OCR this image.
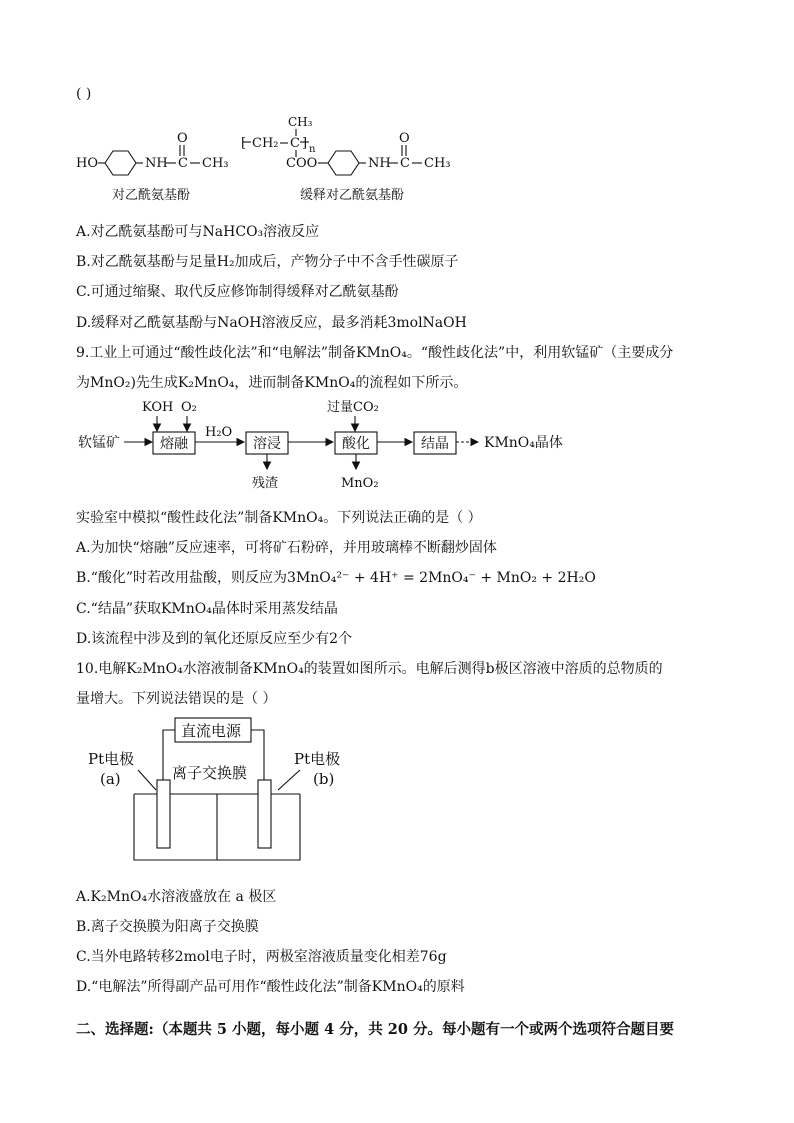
( )
HO	NH C
O
CH₃
对乙酰氨基酚
CH₃
[ CH₂ C ] n
COO	NH C
O
CH₃
缓释对乙酰氨基酚
A.对乙酰氨基酚可与NaHCO₃溶液反应
B.对乙酰氨基酚与足量H₂加成后，产物分子中不含手性碳原子
C.可通过缩聚、取代反应修饰制得缓释对乙酰氨基酚
D.缓释对乙酰氨基酚与NaOH溶液反应，最多消耗3molNaOH
9.工业上可通过“酸性歧化法”和“电解法”制备KMnO₄。“酸性歧化法”中，利用软锰矿（主要成分
为MnO₂)先生成K₂MnO₄，进而制备KMnO₄的流程如下所示。
软锰矿
KOH O₂
熔融
H₂O
溶浸
残渣
过量CO₂
酸化
MnO₂
结晶	KMnO₄晶体
实验室中模拟“酸性歧化法”制备KMnO₄。下列说法正确的是（ ）
A.为加快“熔融”反应速率，可将矿石粉碎，并用玻璃棒不断翻炒固体
B.“酸化”时若改用盐酸，则反应为3MnO₄²⁻ + 4H⁺ = 2MnO₄⁻ + MnO₂ + 2H₂O
C.“结晶”获取KMnO₄晶体时采用蒸发结晶
D.该流程中涉及到的氧化还原反应至少有2个
10.电解K₂MnO₄水溶液制备KMnO₄的装置如图所示。电解后测得b极区溶液中溶质的总物质的
量增大。下列说法错误的是（ ）
直流电源
Pt电极
(a)	离子交换膜
Pt电极
(b)
A.K₂MnO₄水溶液盛放在 a 极区
B.离子交换膜为阳离子交换膜
C.当外电路转移2mol电子时，两极室溶液质量变化相差76g
D.“电解法”所得副产品可用作“酸性歧化法”制备KMnO₄的原料
二、选择题:（本题共 5 小题，每小题 4 分，共 20 分。每小题有一个或两个选项符合题目要
